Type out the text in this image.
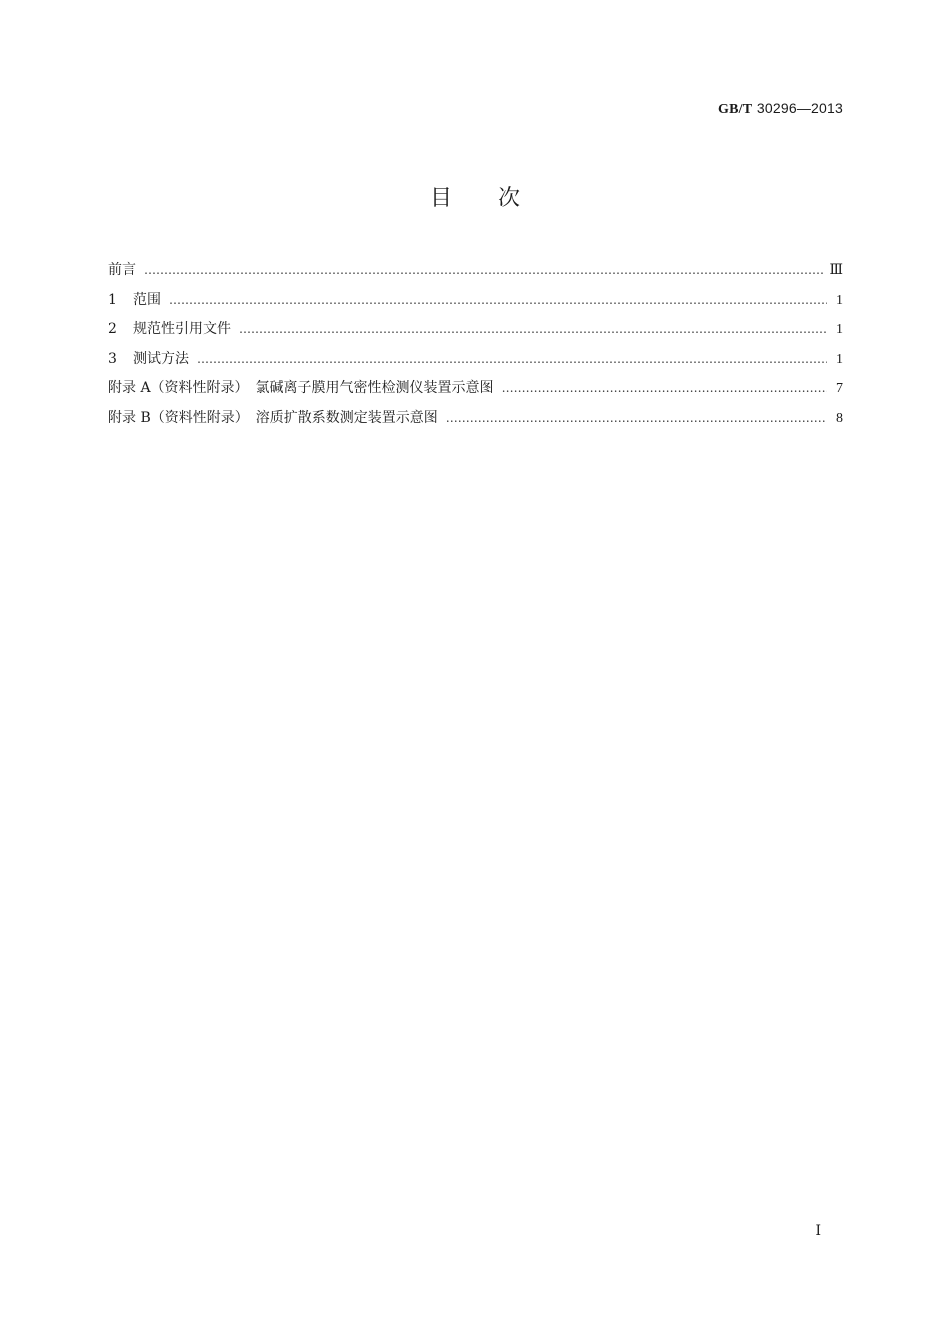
GB/T 30296—2013
目次
前言 ……………………………………………………………………………………………………………………………………………………………………………………………………	Ⅲ
1 范围 ……………………………………………………………………………………………………………………………………………………………………………………………………	1
2 规范性引用文件 ……………………………………………………………………………………………………………………………………………………………………………………………………	1
3 测试方法 ……………………………………………………………………………………………………………………………………………………………………………………………………	1
附录 A（资料性附录）　氯碱离子膜用气密性检测仪装置示意图 ……………………………………………………………………………………………………………………………………………………………………………………………………	7
附录 B（资料性附录）　溶质扩散系数测定装置示意图 ……………………………………………………………………………………………………………………………………………………………………………………………………	8
Ⅰ
